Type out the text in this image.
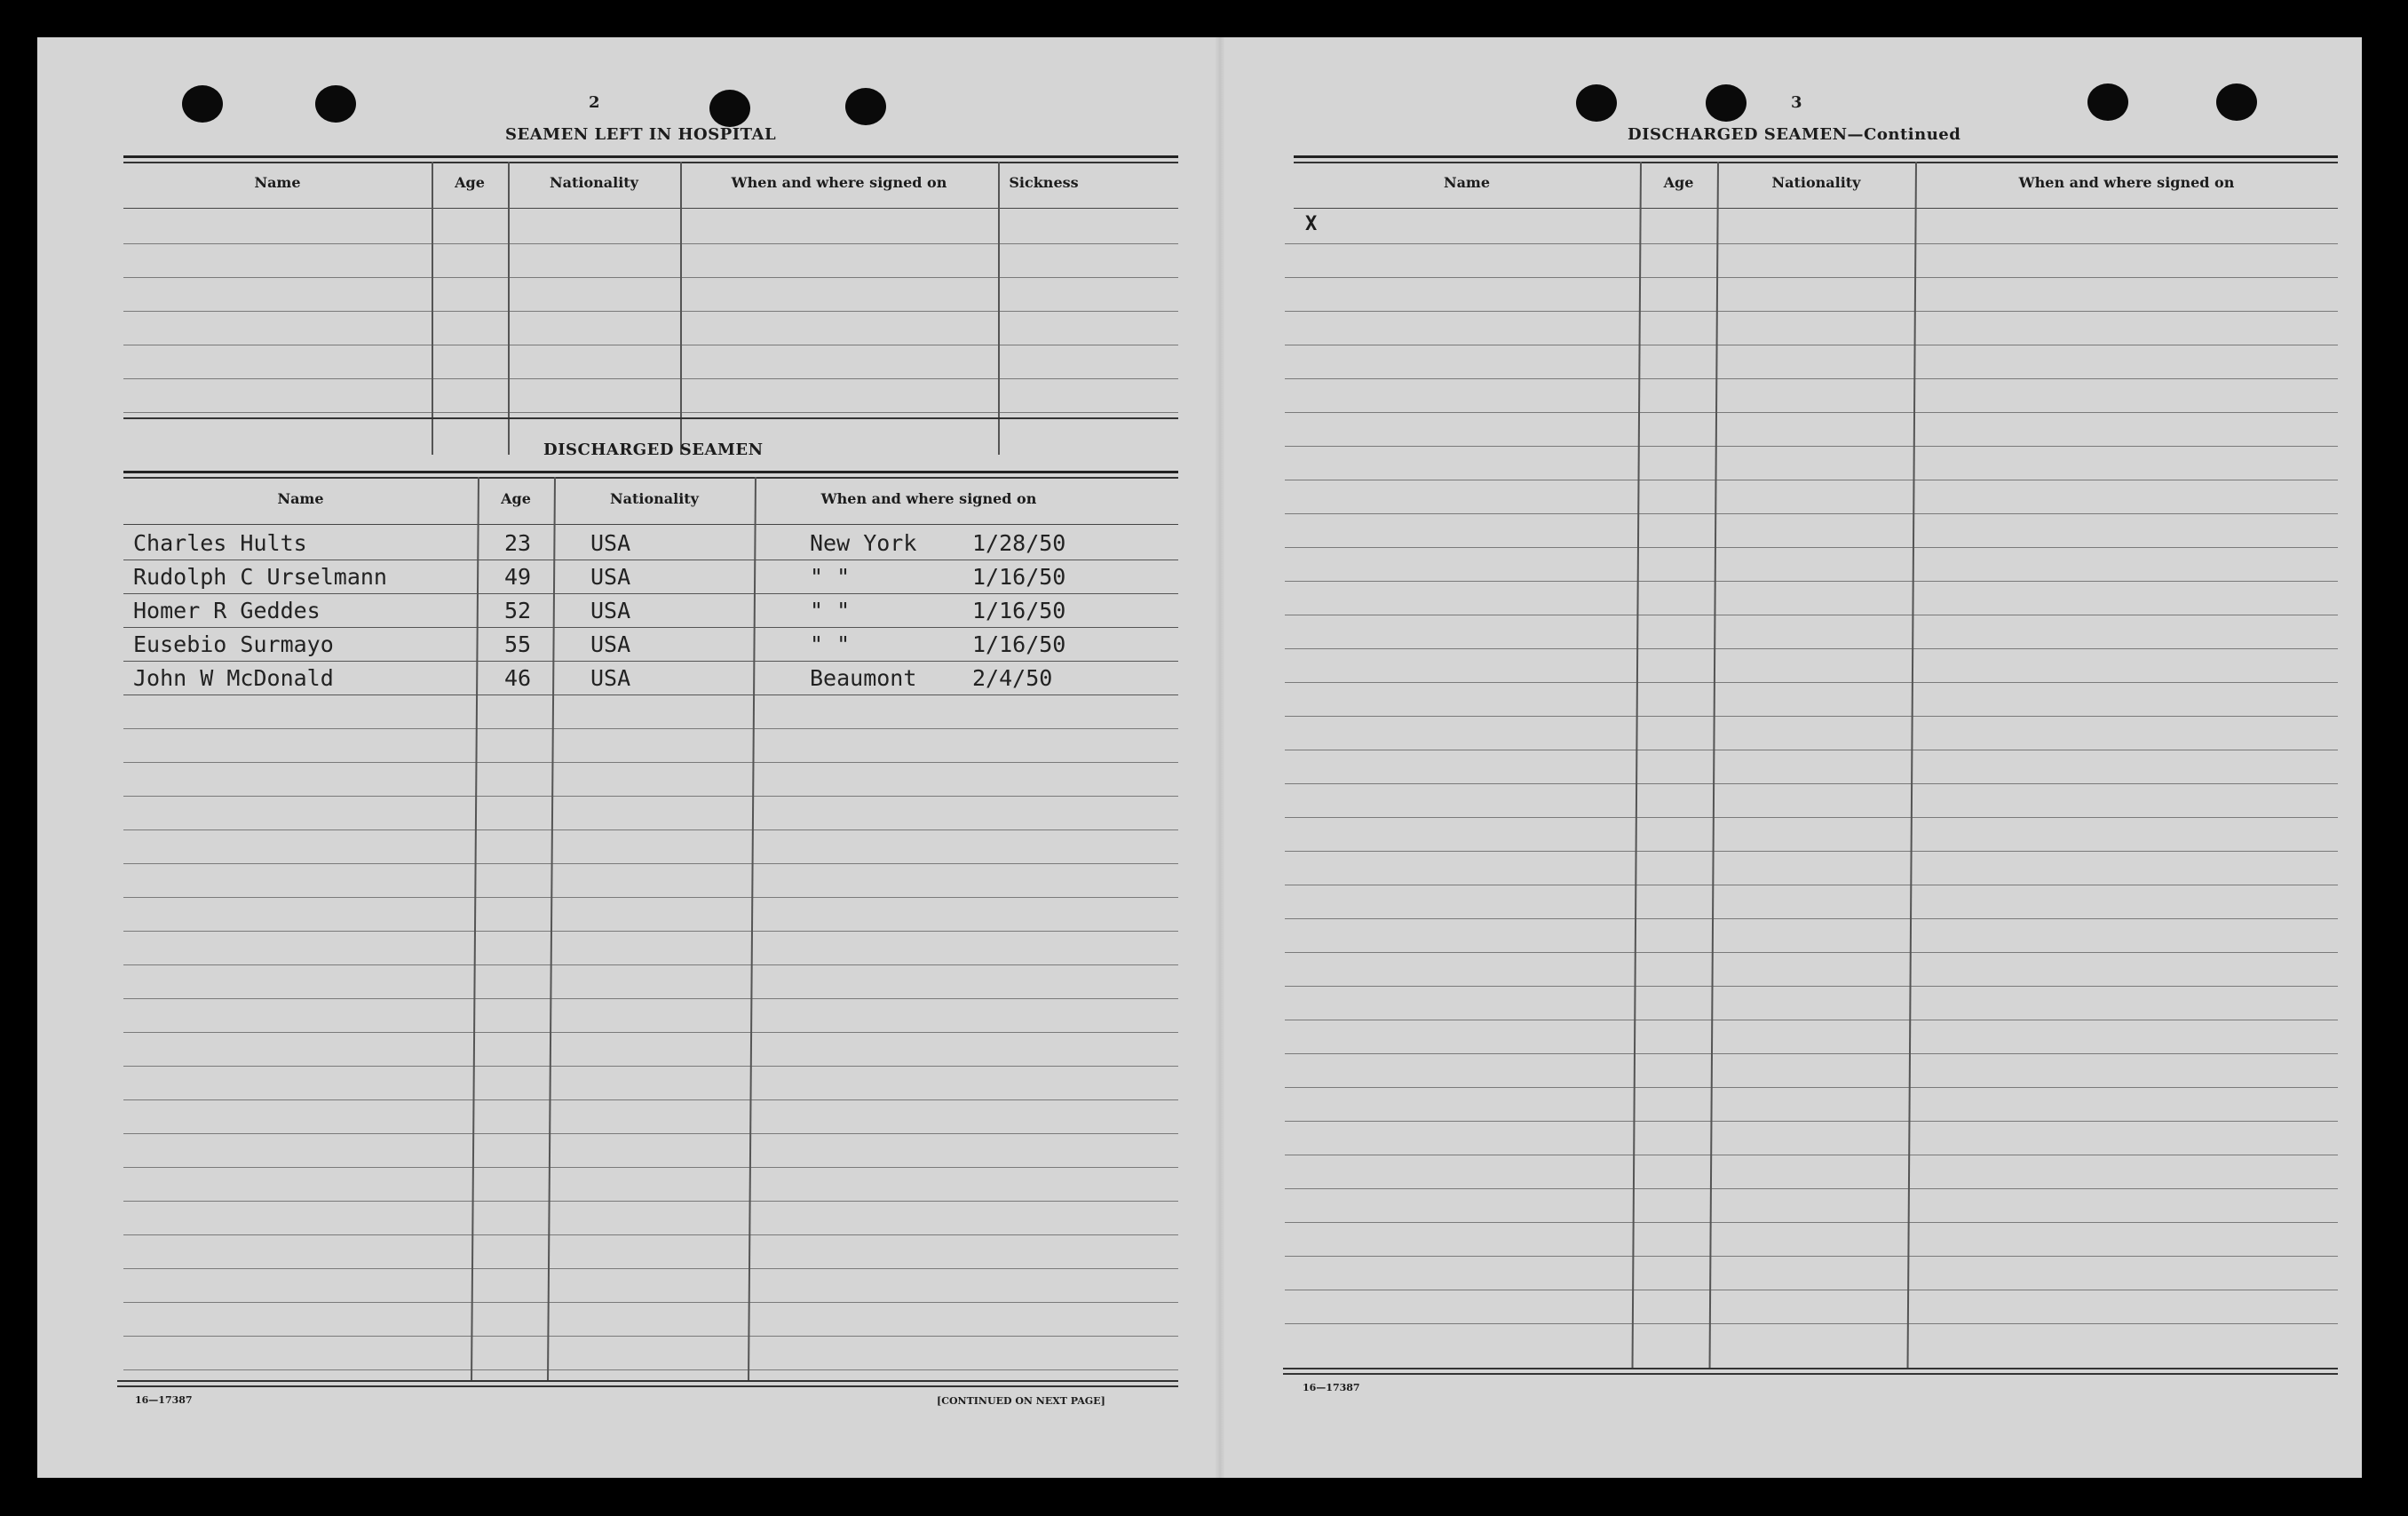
2
SEAMEN LEFT IN HOSPITAL
Name	Age	Nationality	When and where signed on	Sickness
DISCHARGED SEAMEN
Name	Age	Nationality	When and where signed on
Charles Hults	23	USA	New York	1/28/50
Rudolph C Urselmann	49	USA	" "	1/16/50
Homer R Geddes	52	USA	" "	1/16/50
Eusebio Surmayo	55	USA	" "	1/16/50
John W McDonald	46	USA	Beaumont	2/4/50
16—17387	[CONTINUED ON NEXT PAGE]
3
DISCHARGED SEAMEN—Continued
Name	Age	Nationality	When and where signed on
X
16—17387
